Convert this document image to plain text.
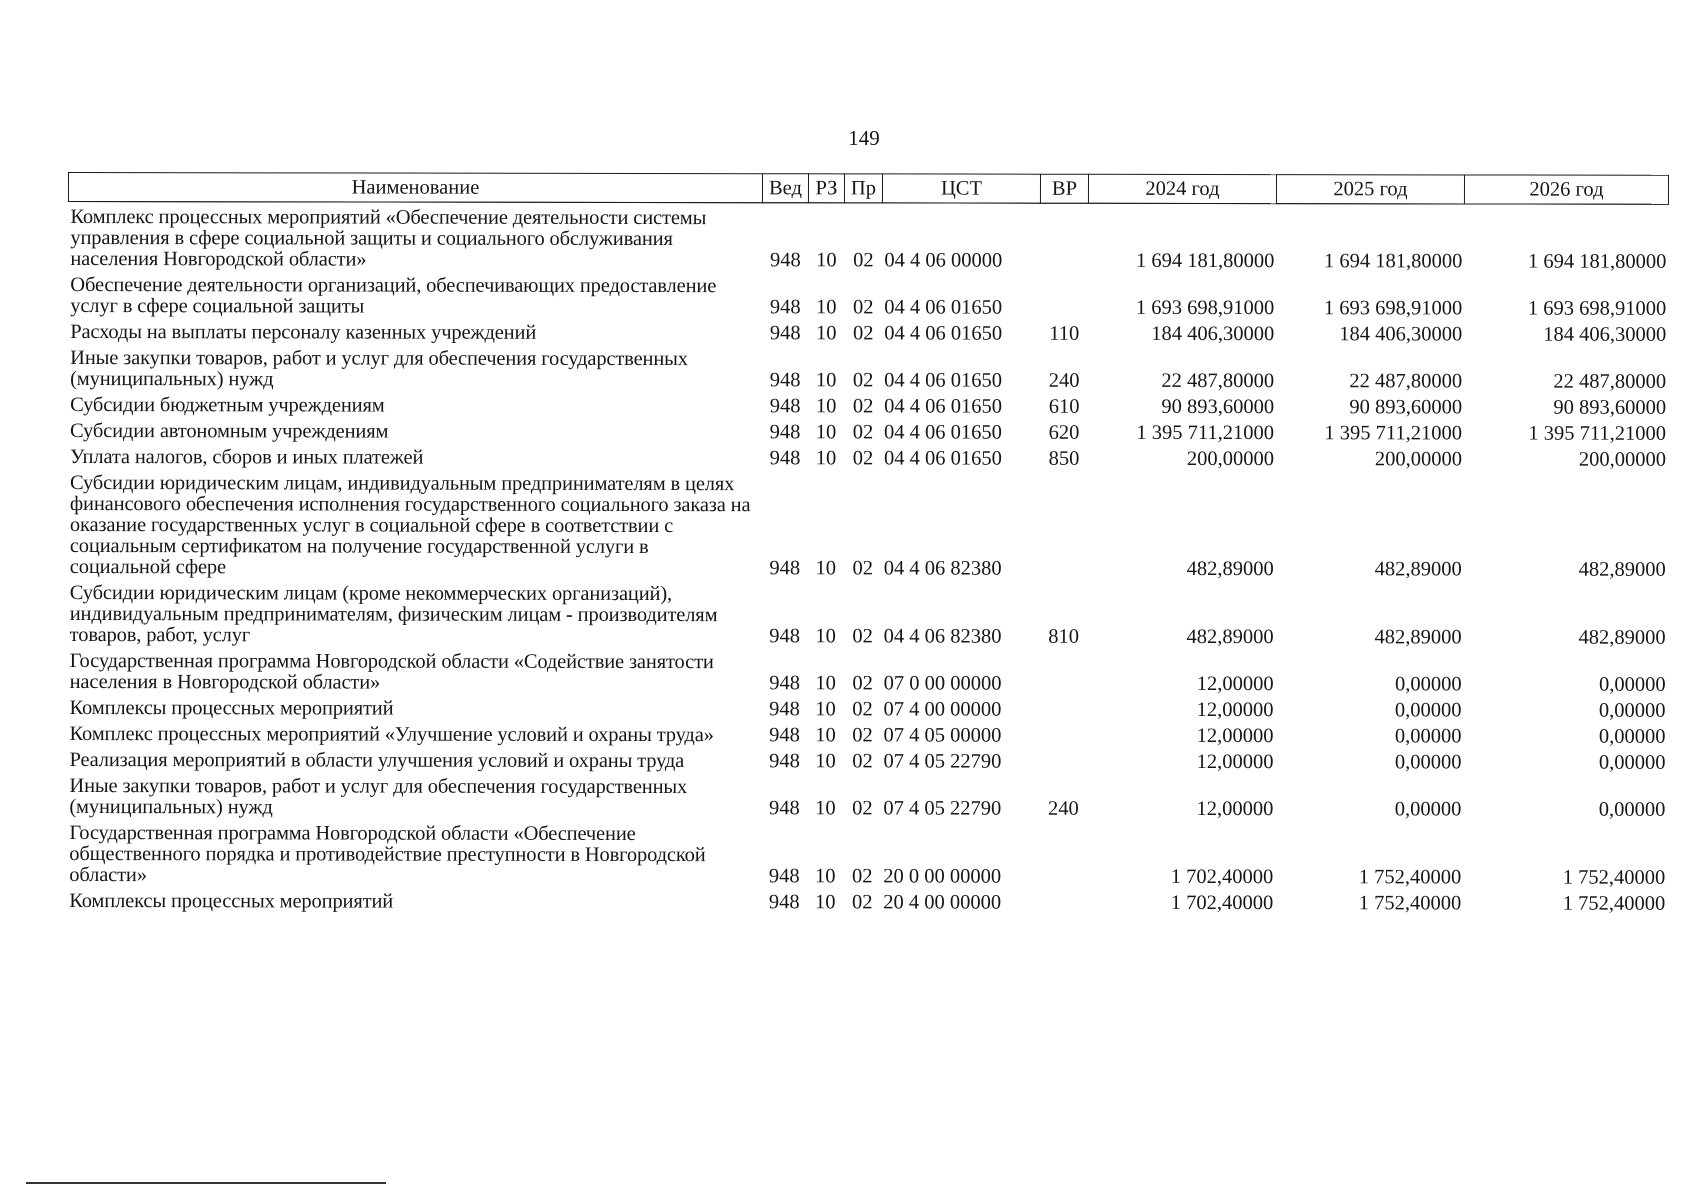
149
Наименование	Вед	РЗ	Пр	ЦСТ	ВР	2024 год	2025 год	2026 год
Комплекс процессных мероприятий «Обеспечение деятельности системы управления в сфере социальной защиты и социального обслуживания населения Новгородской области»	948	10	02	04 4 06 00000		1 694 181,80000	1 694 181,80000	1 694 181,80000
Обеспечение деятельности организаций, обеспечивающих предоставление услуг в сфере социальной защиты	948	10	02	04 4 06 01650		1 693 698,91000	1 693 698,91000	1 693 698,91000
Расходы на выплаты персоналу казенных учреждений	948	10	02	04 4 06 01650	110	184 406,30000	184 406,30000	184 406,30000
Иные закупки товаров, работ и услуг для обеспечения государственных (муниципальных) нужд	948	10	02	04 4 06 01650	240	22 487,80000	22 487,80000	22 487,80000
Субсидии бюджетным учреждениям	948	10	02	04 4 06 01650	610	90 893,60000	90 893,60000	90 893,60000
Субсидии автономным учреждениям	948	10	02	04 4 06 01650	620	1 395 711,21000	1 395 711,21000	1 395 711,21000
Уплата налогов, сборов и иных платежей	948	10	02	04 4 06 01650	850	200,00000	200,00000	200,00000
Субсидии юридическим лицам, индивидуальным предпринимателям в целях финансового обеспечения исполнения государственного социального заказа на оказание государственных услуг в социальной сфере в соответствии с социальным сертификатом на получение государственной услуги в социальной сфере	948	10	02	04 4 06 82380		482,89000	482,89000	482,89000
Субсидии юридическим лицам (кроме некоммерческих организаций), индивидуальным предпринимателям, физическим лицам - производителям товаров, работ, услуг	948	10	02	04 4 06 82380	810	482,89000	482,89000	482,89000
Государственная программа Новгородской области «Содействие занятости населения в Новгородской области»	948	10	02	07 0 00 00000		12,00000	0,00000	0,00000
Комплексы процессных мероприятий	948	10	02	07 4 00 00000		12,00000	0,00000	0,00000
Комплекс процессных мероприятий «Улучшение условий и охраны труда»	948	10	02	07 4 05 00000		12,00000	0,00000	0,00000
Реализация мероприятий в области улучшения условий и охраны труда	948	10	02	07 4 05 22790		12,00000	0,00000	0,00000
Иные закупки товаров, работ и услуг для обеспечения государственных (муниципальных) нужд	948	10	02	07 4 05 22790	240	12,00000	0,00000	0,00000
Государственная программа Новгородской области «Обеспечение общественного порядка и противодействие преступности в Новгородской области»	948	10	02	20 0 00 00000		1 702,40000	1 752,40000	1 752,40000
Комплексы процессных мероприятий	948	10	02	20 4 00 00000		1 702,40000	1 752,40000	1 752,40000
